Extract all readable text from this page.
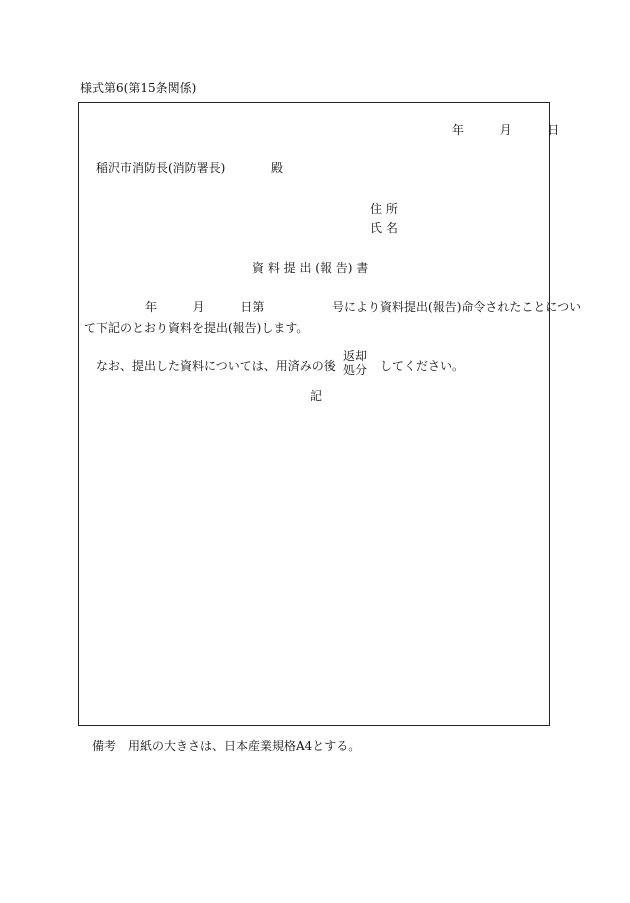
様式第6(第15条関係)
年	月	日
稲沢市消防長(消防署長)	殿
住 所
氏 名
資 料 提 出 (報 告) 書
年	月	日第	号により資料提出(報告)命令されたことについ
て下記のとおり資料を提出(報告)します。
なお、提出した資料については、用済みの後
返却
処分 してください。
記
備考　用紙の大きさは、日本産業規格A4とする。
